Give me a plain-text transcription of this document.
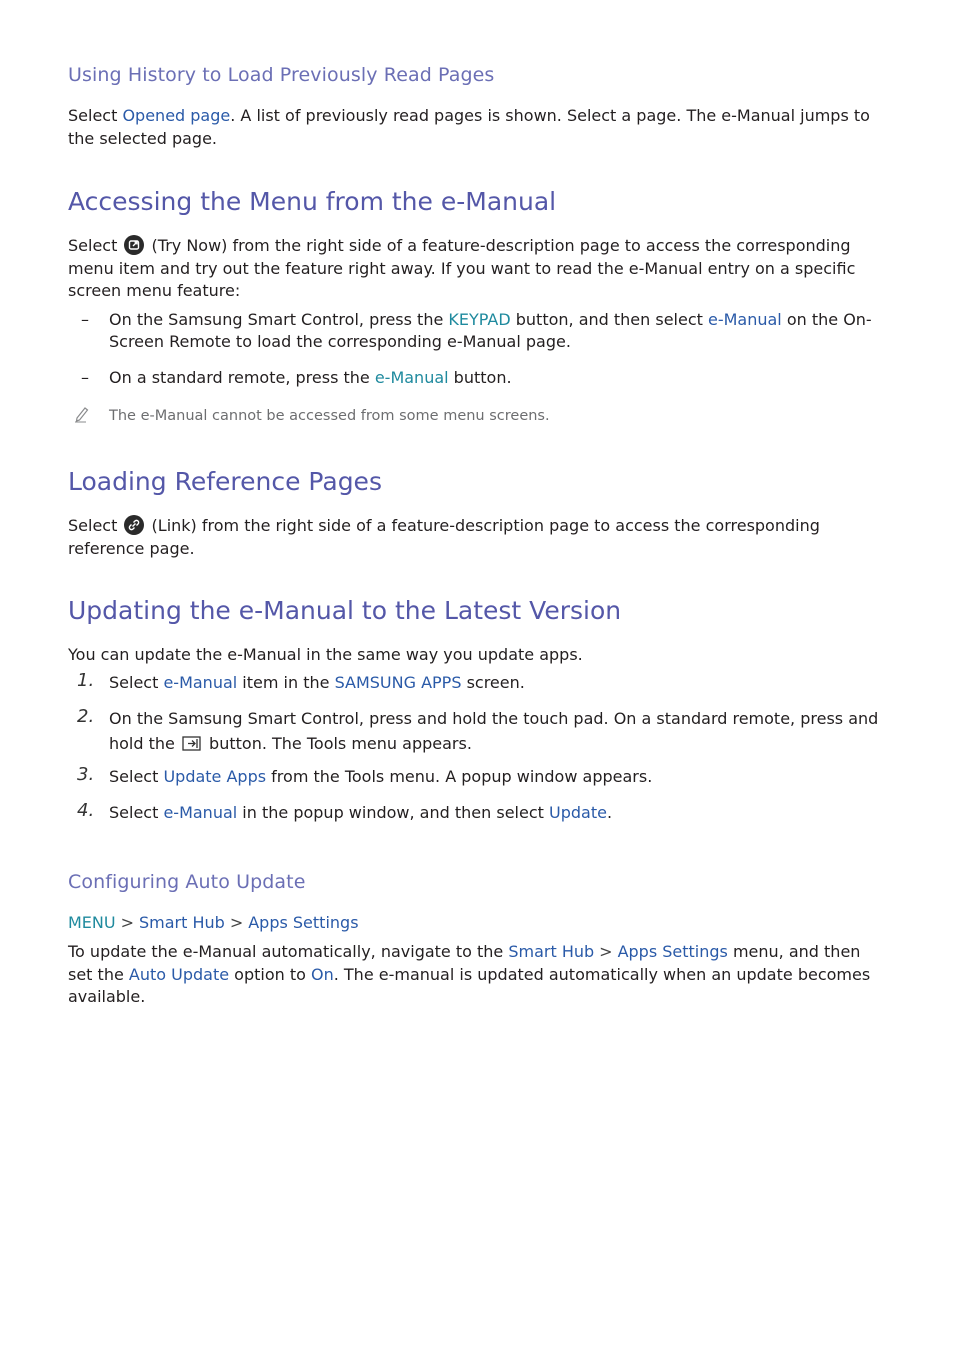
Using History to Load Previously Read Pages

Select Opened page. A list of previously read pages is shown. Select a page. The e-Manual jumps to the selected page.

Accessing the Menu from the e-Manual

Select
(Try Now) from the right side of a feature-description page to access the corresponding menu item and try out the feature right away. If you want to read the e-Manual entry on a specific screen menu feature:

– On the Samsung Smart Control, press the KEYPAD button, and then select e-Manual on the On-Screen Remote to load the corresponding e-Manual page.
– On a standard remote, press the e-Manual button.
The e-Manual cannot be accessed from some menu screens.
Loading Reference Pages

Select
(Link) from the right side of a feature-description page to access the corresponding reference page.

Updating the e-Manual to the Latest Version

You can update the e-Manual in the same way you update apps.

1. Select e-Manual item in the SAMSUNG APPS screen.
2. On the Samsung Smart Control, press and hold the touch pad. On a standard remote, press and hold the  button. The Tools menu appears.
3. Select Update Apps from the Tools menu. A popup window appears.
4. Select e-Manual in the popup window, and then select Update.
Configuring Auto Update

MENU > Smart Hub > Apps Settings

To update the e-Manual automatically, navigate to the Smart Hub > Apps Settings menu, and then set the Auto Update option to On. The e-manual is updated automatically when an update becomes available.
